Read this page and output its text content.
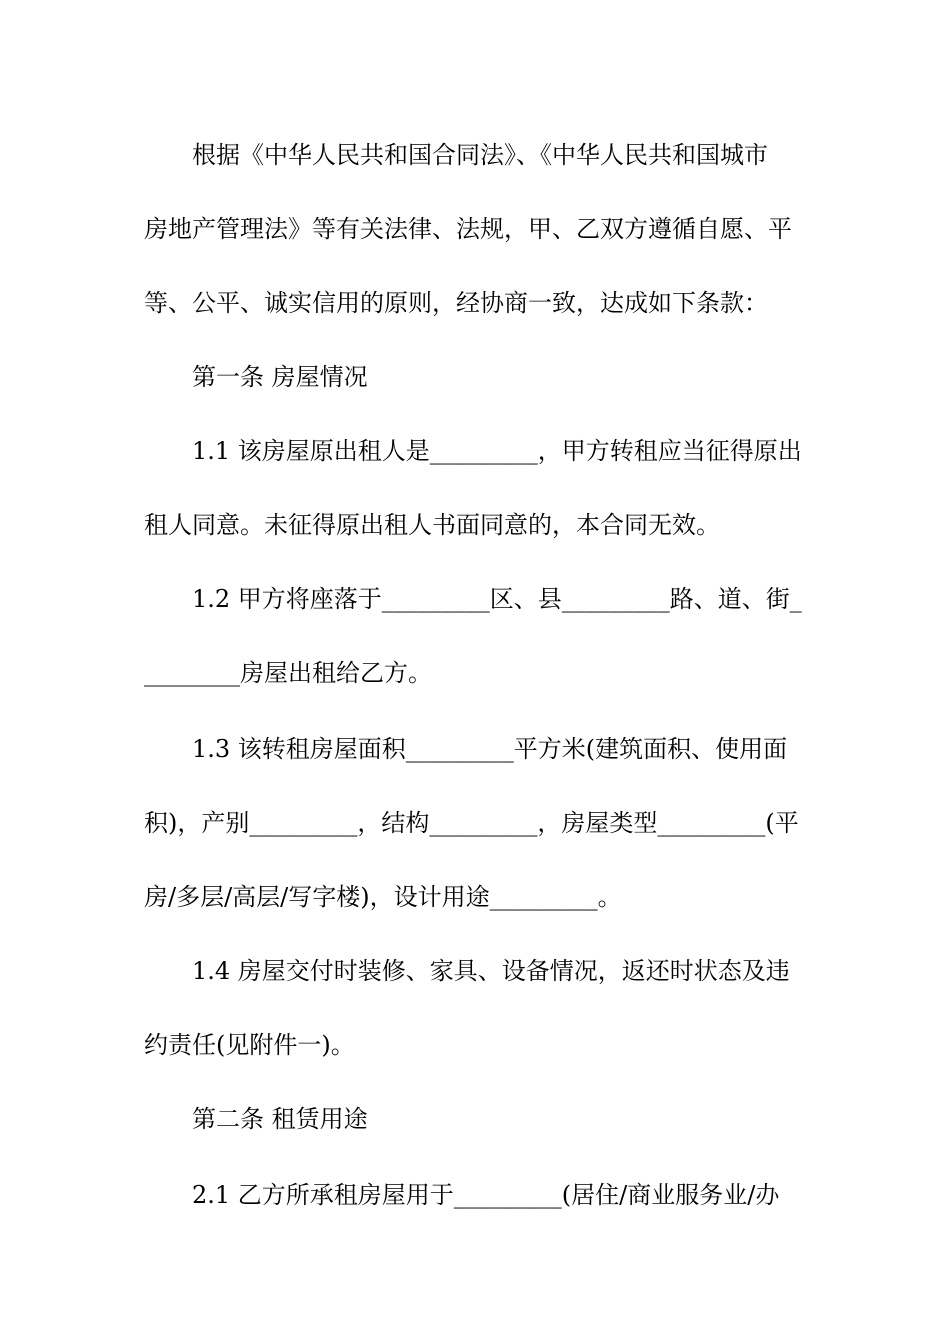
根据《中华人民共和国合同法》、《中华人民共和国城市

房地产管理法》等有关法律、法规，甲、乙双方遵循自愿、平

等、公平、诚实信用的原则，经协商一致，达成如下条款：

第一条 房屋情况

1.1 该房屋原出租人是_________，甲方转租应当征得原出

租人同意。未征得原出租人书面同意的，本合同无效。

1.2 甲方将座落于_________区、县_________路、道、街_

________房屋出租给乙方。

1.3 该转租房屋面积_________平方米(建筑面积、使用面

积)，产别_________，结构_________，房屋类型_________(平

房/多层/高层/写字楼)，设计用途_________。

1.4 房屋交付时装修、家具、设备情况，返还时状态及违

约责任(见附件一)。

第二条 租赁用途

2.1 乙方所承租房屋用于_________(居住/商业服务业/办
